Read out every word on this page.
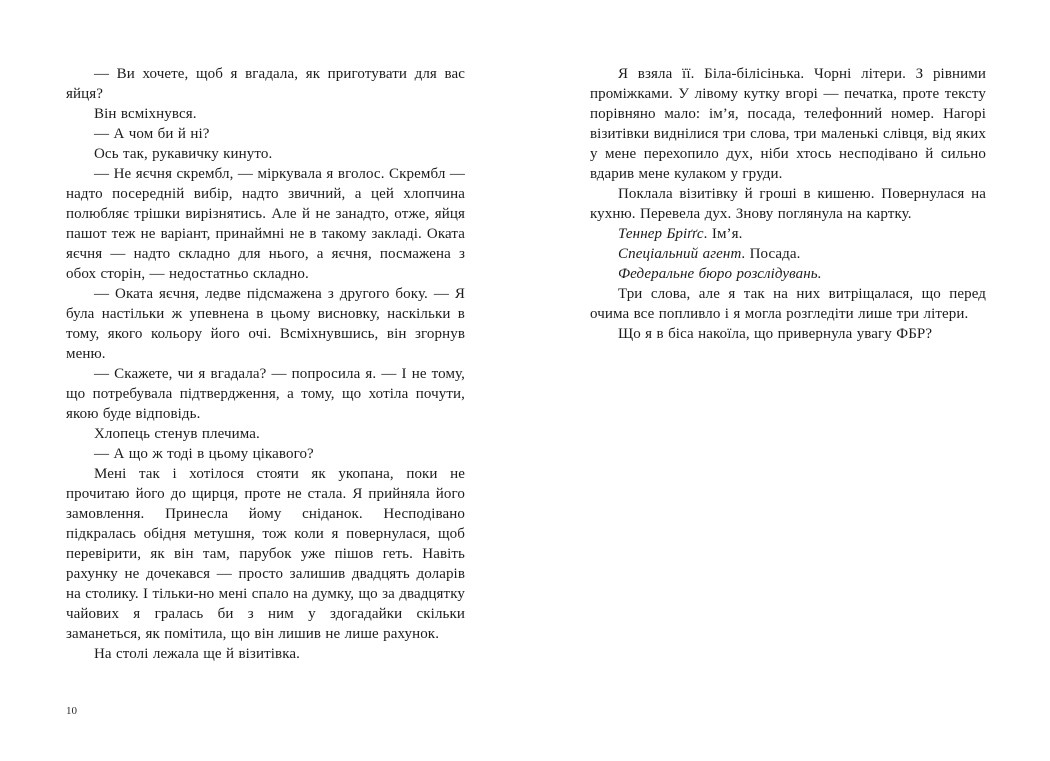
— Ви хочете, щоб я вгадала, як приготувати для вас яйця?

Він всміхнувся.

— А чом би й ні?

Ось так, рукавичку кинуто.

— Не яєчня скрембл, — міркувала я вголос. Скрембл — надто посередній вибір, надто звичний, а цей хлопчина полюбляє трішки вирізнятись. Але й не занадто, отже, яйця пашот теж не варіант, принаймні не в такому закладі. Оката яєчня — надто складно для нього, а яєчня, посмажена з обох сторін, — недостатньо складно.

— Оката яєчня, ледве підсмажена з другого боку. — Я була настільки ж упевнена в цьому висновку, наскільки в тому, якого кольору його очі. Всміхнувшись, він згорнув меню.

— Скажете, чи я вгадала? — попросила я. — І не тому, що потребувала підтвердження, а тому, що хотіла почути, якою буде відповідь.

Хлопець стенув плечима.

— А що ж тоді в цьому цікавого?

Мені так і хотілося стояти як укопана, поки не прочитаю його до щирця, проте не стала. Я прийняла його замовлення. Принесла йому сніданок. Несподівано підкралась обідня метушня, тож коли я повернулася, щоб перевірити, як він там, парубок уже пішов геть. Навіть рахунку не дочекався — просто залишив двадцять доларів на столику. І тільки-но мені спало на думку, що за двадцятку чайових я гралась би з ним у здогадайки скільки заманеться, як помітила, що він лишив не лише рахунок.

На столі лежала ще й візитівка.

Я взяла її. Біла-білісінька. Чорні літери. З рівними проміжками. У лівому кутку вгорі — печатка, проте тексту порівняно мало: ім’я, посада, телефонний номер. Нагорі візитівки виднілися три слова, три маленькі слівця, від яких у мене перехопило дух, ніби хтось несподівано й сильно вдарив мене кулаком у груди.

Поклала візитівку й гроші в кишеню. Повернулася на кухню. Перевела дух. Знову поглянула на картку.

Теннер Бріґґс. Ім’я.

Спеціальний агент. Посада.

Федеральне бюро розслідувань.

Три слова, але я так на них витріщалася, що перед очима все попливло і я могла розгледіти лише три літери.

Що я в біса накоїла, що привернула увагу ФБР?

10
